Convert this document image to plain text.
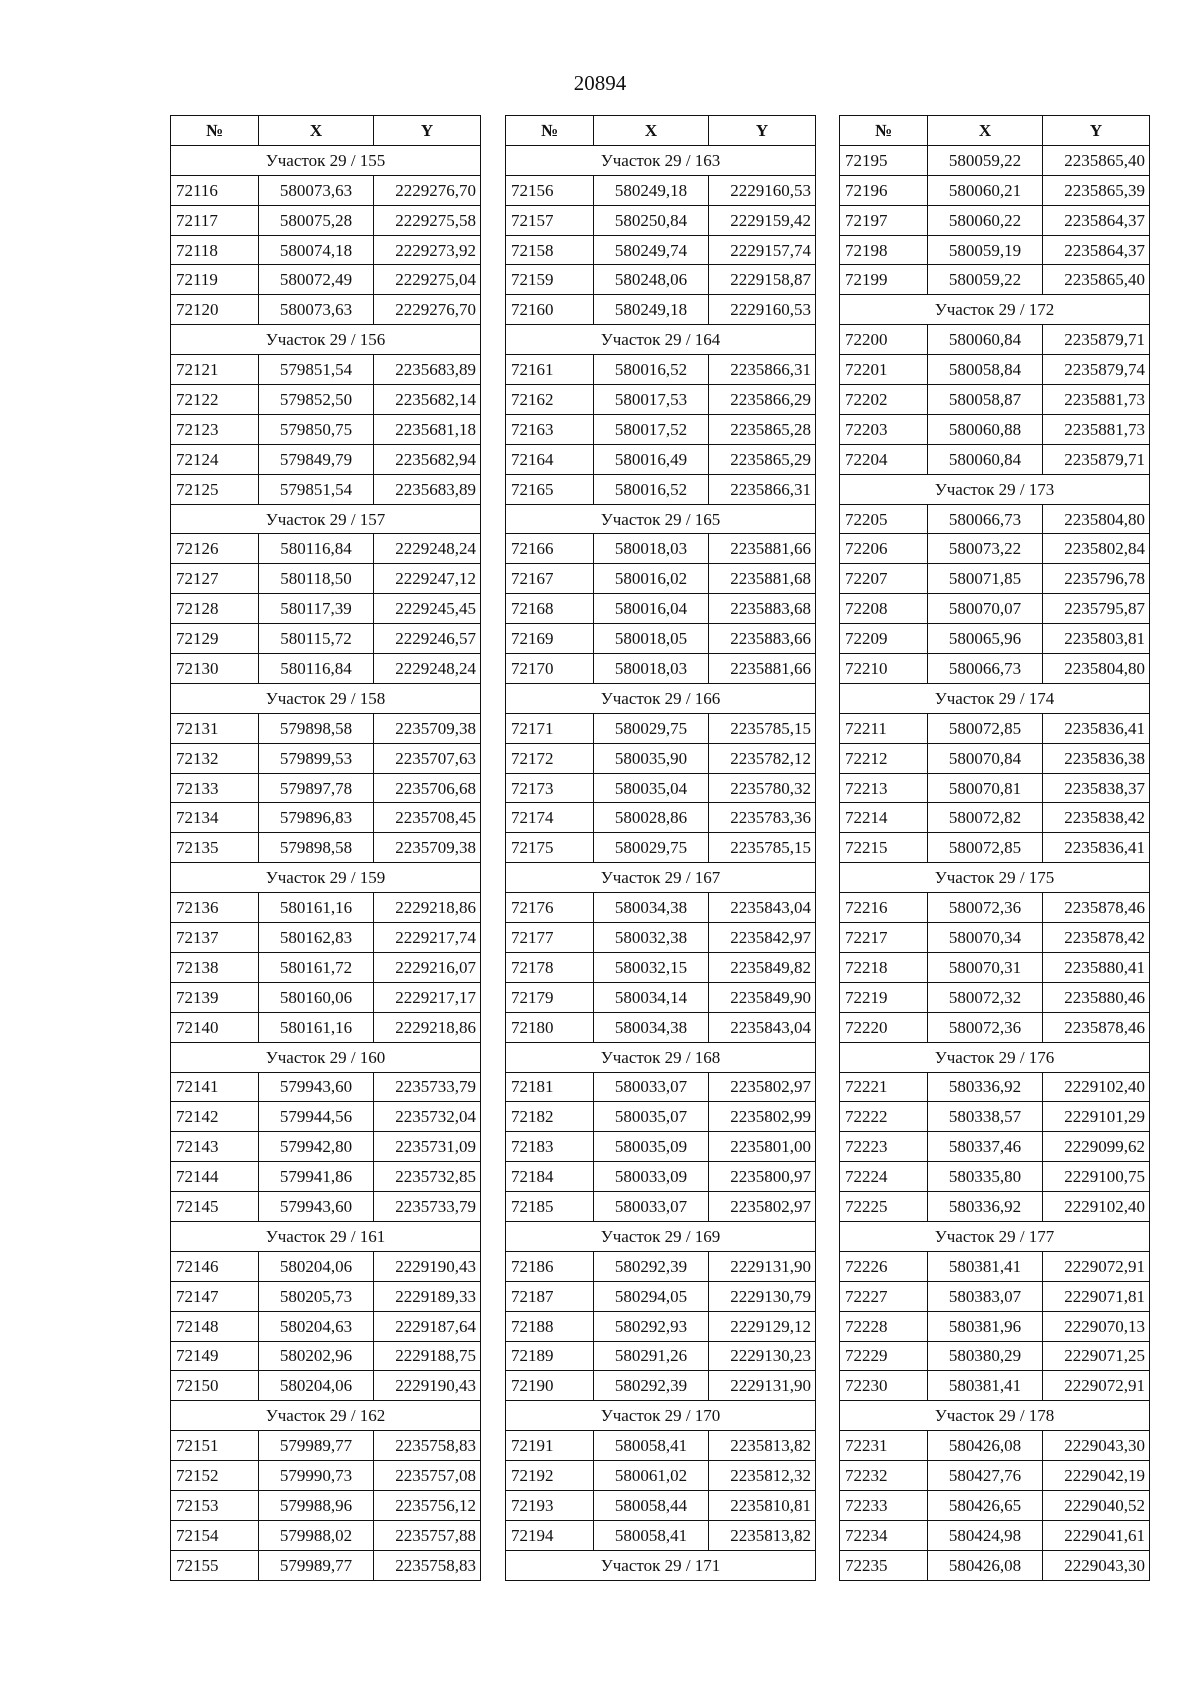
20894
№	X	Y
Участок 29 / 155		
72116	580073,63	2229276,70
72117	580075,28	2229275,58
72118	580074,18	2229273,92
72119	580072,49	2229275,04
72120	580073,63	2229276,70
Участок 29 / 156		
72121	579851,54	2235683,89
72122	579852,50	2235682,14
72123	579850,75	2235681,18
72124	579849,79	2235682,94
72125	579851,54	2235683,89
Участок 29 / 157		
72126	580116,84	2229248,24
72127	580118,50	2229247,12
72128	580117,39	2229245,45
72129	580115,72	2229246,57
72130	580116,84	2229248,24
Участок 29 / 158		
72131	579898,58	2235709,38
72132	579899,53	2235707,63
72133	579897,78	2235706,68
72134	579896,83	2235708,45
72135	579898,58	2235709,38
Участок 29 / 159		
72136	580161,16	2229218,86
72137	580162,83	2229217,74
72138	580161,72	2229216,07
72139	580160,06	2229217,17
72140	580161,16	2229218,86
Участок 29 / 160		
72141	579943,60	2235733,79
72142	579944,56	2235732,04
72143	579942,80	2235731,09
72144	579941,86	2235732,85
72145	579943,60	2235733,79
Участок 29 / 161		
72146	580204,06	2229190,43
72147	580205,73	2229189,33
72148	580204,63	2229187,64
72149	580202,96	2229188,75
72150	580204,06	2229190,43
Участок 29 / 162		
72151	579989,77	2235758,83
72152	579990,73	2235757,08
72153	579988,96	2235756,12
72154	579988,02	2235757,88
72155	579989,77	2235758,83
№	X	Y
Участок 29 / 163		
72156	580249,18	2229160,53
72157	580250,84	2229159,42
72158	580249,74	2229157,74
72159	580248,06	2229158,87
72160	580249,18	2229160,53
Участок 29 / 164		
72161	580016,52	2235866,31
72162	580017,53	2235866,29
72163	580017,52	2235865,28
72164	580016,49	2235865,29
72165	580016,52	2235866,31
Участок 29 / 165		
72166	580018,03	2235881,66
72167	580016,02	2235881,68
72168	580016,04	2235883,68
72169	580018,05	2235883,66
72170	580018,03	2235881,66
Участок 29 / 166		
72171	580029,75	2235785,15
72172	580035,90	2235782,12
72173	580035,04	2235780,32
72174	580028,86	2235783,36
72175	580029,75	2235785,15
Участок 29 / 167		
72176	580034,38	2235843,04
72177	580032,38	2235842,97
72178	580032,15	2235849,82
72179	580034,14	2235849,90
72180	580034,38	2235843,04
Участок 29 / 168		
72181	580033,07	2235802,97
72182	580035,07	2235802,99
72183	580035,09	2235801,00
72184	580033,09	2235800,97
72185	580033,07	2235802,97
Участок 29 / 169		
72186	580292,39	2229131,90
72187	580294,05	2229130,79
72188	580292,93	2229129,12
72189	580291,26	2229130,23
72190	580292,39	2229131,90
Участок 29 / 170		
72191	580058,41	2235813,82
72192	580061,02	2235812,32
72193	580058,44	2235810,81
72194	580058,41	2235813,82
Участок 29 / 171		
№	X	Y
72195	580059,22	2235865,40
72196	580060,21	2235865,39
72197	580060,22	2235864,37
72198	580059,19	2235864,37
72199	580059,22	2235865,40
Участок 29 / 172		
72200	580060,84	2235879,71
72201	580058,84	2235879,74
72202	580058,87	2235881,73
72203	580060,88	2235881,73
72204	580060,84	2235879,71
Участок 29 / 173		
72205	580066,73	2235804,80
72206	580073,22	2235802,84
72207	580071,85	2235796,78
72208	580070,07	2235795,87
72209	580065,96	2235803,81
72210	580066,73	2235804,80
Участок 29 / 174		
72211	580072,85	2235836,41
72212	580070,84	2235836,38
72213	580070,81	2235838,37
72214	580072,82	2235838,42
72215	580072,85	2235836,41
Участок 29 / 175		
72216	580072,36	2235878,46
72217	580070,34	2235878,42
72218	580070,31	2235880,41
72219	580072,32	2235880,46
72220	580072,36	2235878,46
Участок 29 / 176		
72221	580336,92	2229102,40
72222	580338,57	2229101,29
72223	580337,46	2229099,62
72224	580335,80	2229100,75
72225	580336,92	2229102,40
Участок 29 / 177		
72226	580381,41	2229072,91
72227	580383,07	2229071,81
72228	580381,96	2229070,13
72229	580380,29	2229071,25
72230	580381,41	2229072,91
Участок 29 / 178		
72231	580426,08	2229043,30
72232	580427,76	2229042,19
72233	580426,65	2229040,52
72234	580424,98	2229041,61
72235	580426,08	2229043,30
